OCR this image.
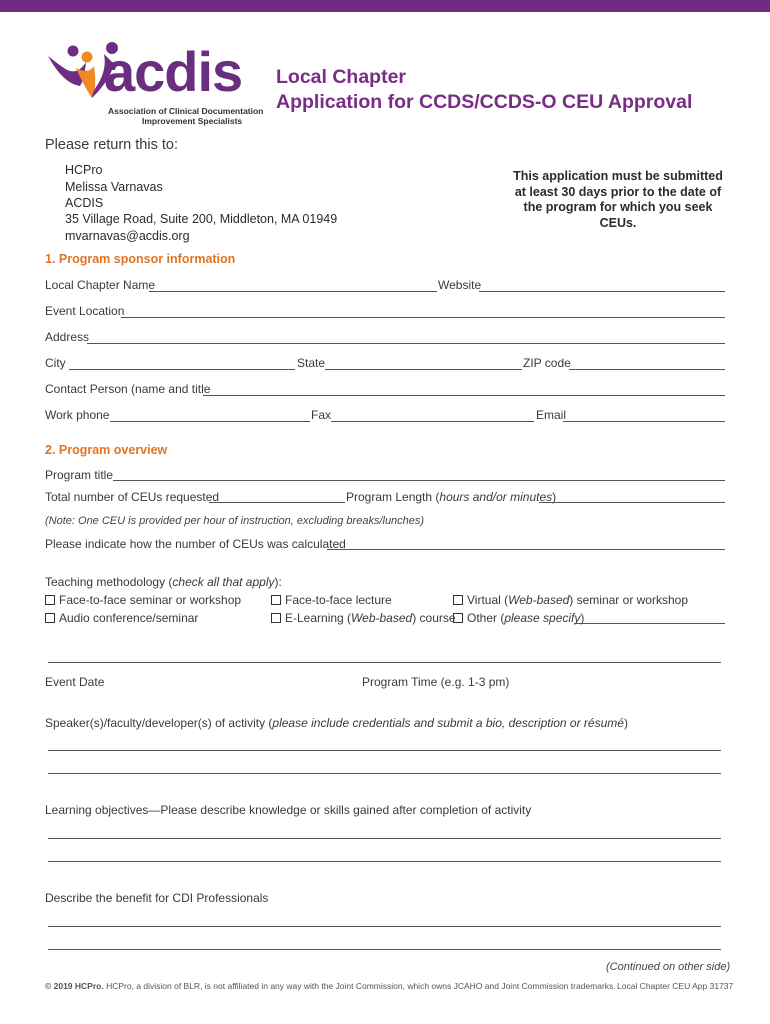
acdis
Association of Clinical Documentation
Improvement Specialists
Local Chapter
Application for CCDS/CCDS-O CEU Approval
Please return this to:
HCPro
Melissa Varnavas
ACDIS
35 Village Road, Suite 200, Middleton, MA 01949
mvarnavas@acdis.org
This application must be submitted at least 30 days prior to the date of the program for which you seek CEUs.
1. Program sponsor information
Local Chapter Name	Website
Event Location
Address
City	State	ZIP code
Contact Person (name and title
Work phone	Fax	Email
2. Program overview
Program title
Total number of CEUs requested	Program Length (hours and/or minutes)
(Note: One CEU is provided per hour of instruction, excluding breaks/lunches)
Please indicate how the number of CEUs was calculated
Teaching methodology (check all that apply):
Face-to-face seminar or workshop	Face-to-face lecture	Virtual (Web-based) seminar or workshop
Audio conference/seminar	E-Learning (Web-based) course Other (please specify)
Event Date	Program Time (e.g. 1-3 pm)
Speaker(s)/faculty/developer(s) of activity (please include credentials and submit a bio, description or résumé)
Learning objectives—Please describe knowledge or skills gained after completion of activity
Describe the benefit for CDI Professionals
(Continued on other side)
© 2019 HCPro. HCPro, a division of BLR, is not affiliated in any way with the Joint Commission, which owns JCAHO and Joint Commission trademarks. Local Chapter CEU App 31737
